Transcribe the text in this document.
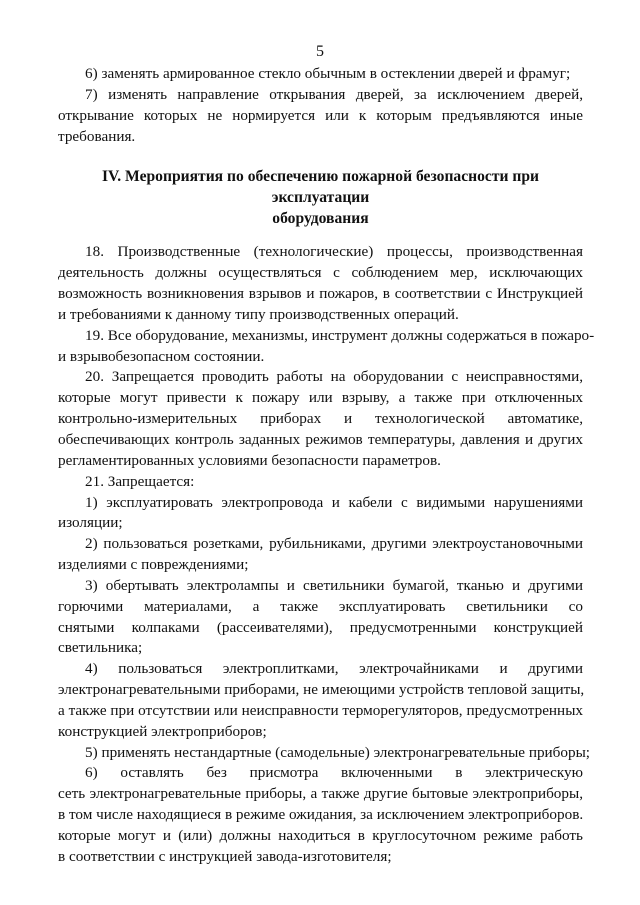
5
6) заменять армированное стекло обычным в остеклении дверей и фрамуг;
7) изменять направление открывания дверей, за исключением дверей,
открывание которых не нормируется или к которым предъявляются иные
требования.
IV. Мероприятия по обеспечению пожарной безопасности при эксплуатации
оборудования
18. Производственные (технологические) процессы, производственная
деятельность должны осуществляться с соблюдением мер, исключающих
возможность возникновения взрывов и пожаров, в соответствии с Инструкцией
и требованиями к данному типу производственных операций.
19. Все оборудование, механизмы, инструмент должны содержаться в пожаро-
и взрывобезопасном состоянии.
20. Запрещается проводить работы на оборудовании с неисправностями,
которые могут привести к пожару или взрыву, а также при отключенных
контрольно-измерительных приборах и технологической автоматике,
обеспечивающих контроль заданных режимов температуры, давления и других
регламентированных условиями безопасности параметров.
21. Запрещается:
1) эксплуатировать электропровода и кабели с видимыми нарушениями
изоляции;
2) пользоваться розетками, рубильниками, другими электроустановочными
изделиями с повреждениями;
3) обертывать электролампы и светильники бумагой, тканью и другими
горючими материалами, а также эксплуатировать светильники со
снятыми колпаками (рассеивателями), предусмотренными конструкцией
светильника;
4) пользоваться электроплитками, электрочайниками и другими
электронагревательными приборами, не имеющими устройств тепловой защиты,
а также при отсутствии или неисправности терморегуляторов, предусмотренных
конструкцией электроприборов;
5) применять нестандартные (самодельные) электронагревательные приборы;
6) оставлять без присмотра включенными в электрическую
сеть электронагревательные приборы, а также другие бытовые электроприборы,
в том числе находящиеся в режиме ожидания, за исключением электроприборов.
которые могут и (или) должны находиться в круглосуточном режиме работь
в соответствии с инструкцией завода-изготовителя;
